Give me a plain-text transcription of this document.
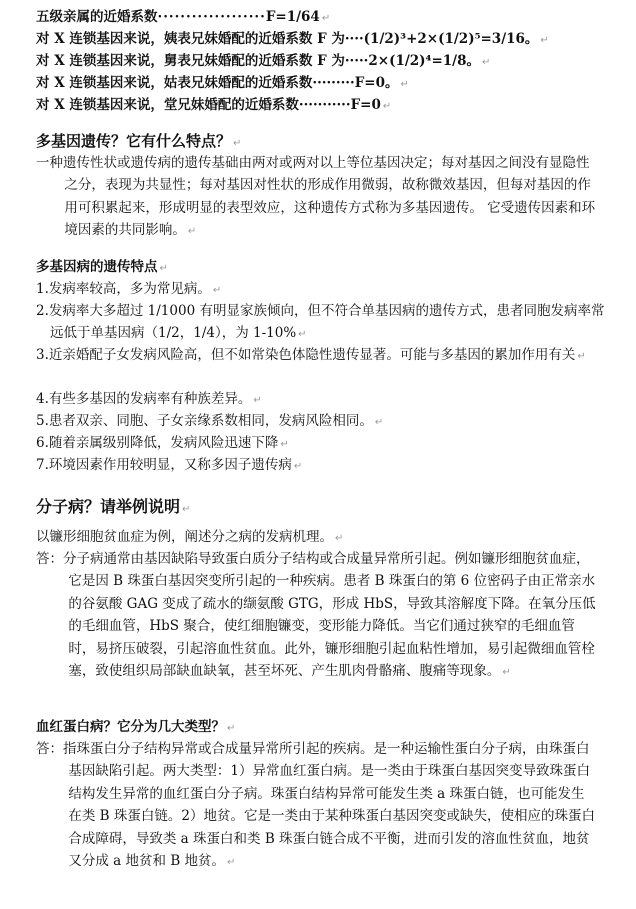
五级亲属的近婚系数···················F=1/64 ↵
对 X 连锁基因来说，姨表兄妹婚配的近婚系数 F 为····(1/2)³+2×(1/2)⁵=3/16。 ↵
对 X 连锁基因来说，舅表兄妹婚配的近婚系数 F 为·····2×(1/2)⁴=1/8。 ↵
对 X 连锁基因来说，姑表兄妹婚配的近婚系数·········F=0。 ↵
对 X 连锁基因来说，堂兄妹婚配的近婚系数···········F=0 ↵
多基因遗传？它有什么特点？ ↵

一种遗传性状或遗传病的遗传基础由两对或两对以上等位基因决定；每对基因之间没有显隐性之分，表现为共显性；每对基因对性状的形成作用微弱，故称微效基因，但每对基因的作用可积累起来，形成明显的表型效应，这种遗传方式称为多基因遗传。 它受遗传因素和环境因素的共同影响。 ↵

多基因病的遗传特点 ↵
1.发病率较高，多为常见病。 ↵
2.发病率大多超过 1/1000 有明显家族倾向，但不符合单基因病的遗传方式，患者同胞发病率常远低于单基因病（1/2，1/4），为 1-10% ↵
3.近亲婚配子女发病风险高，但不如常染色体隐性遗传显著。可能与多基因的累加作用有关 ↵
4.有些多基因的发病率有种族差异。 ↵
5.患者双亲、同胞、子女亲缘系数相同，发病风险相同。 ↵
6.随着亲属级别降低，发病风险迅速下降 ↵
7.环境因素作用较明显，又称多因子遗传病 ↵
分子病？请举例说明 ↵
以镰形细胞贫血症为例，阐述分之病的发病机理。 ↵

答：分子病通常由基因缺陷导致蛋白质分子结构或合成量异常所引起。例如镰形细胞贫血症，它是因 B 珠蛋白基因突变所引起的一种疾病。患者 B 珠蛋白的第 6 位密码子由正常亲水的谷氨酸 GAG 变成了疏水的缬氨酸 GTG，形成 HbS，导致其溶解度下降。在氧分压低的毛细血管，HbS 聚合，使红细胞镰变，变形能力降低。当它们通过狭窄的毛细血管时，易挤压破裂，引起溶血性贫血。此外，镰形细胞引起血粘性增加，易引起微细血管栓塞，致使组织局部缺血缺氧，甚至坏死、产生肌肉骨骼痛、腹痛等现象。 ↵

血红蛋白病？它分为几大类型？ ↵

答：指珠蛋白分子结构异常或合成量异常所引起的疾病。是一种运输性蛋白分子病，由珠蛋白基因缺陷引起。两大类型：1）异常血红蛋白病。是一类由于珠蛋白基因突变导致珠蛋白结构发生异常的血红蛋白分子病。珠蛋白结构异常可能发生类 a 珠蛋白链，也可能发生在类 B 珠蛋白链。2）地贫。它是一类由于某种珠蛋白基因突变或缺失，使相应的珠蛋白合成障碍，导致类 a 珠蛋白和类 B 珠蛋白链合成不平衡，进而引发的溶血性贫血，地贫又分成 a 地贫和 B 地贫。 ↵
